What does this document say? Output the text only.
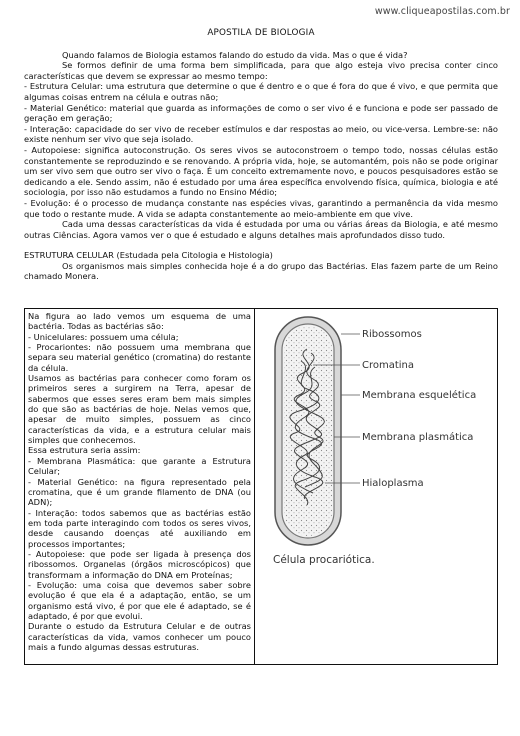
www.cliqueapostilas.com.br
APOSTILA DE BIOLOGIA

Quando falamos de Biologia estamos falando do estudo da vida. Mas o que é vida?

Se formos definir de uma forma bem simplificada, para que algo esteja vivo precisa conter cinco características que devem se expressar ao mesmo tempo:

- Estrutura Celular: uma estrutura que determine o que é dentro e o que é fora do que é vivo, e que permita que algumas coisas entrem na célula e outras não;

- Material Genético: material que guarda as informações de como o ser vivo é e funciona e pode ser passado de geração em geração;

- Interação: capacidade do ser vivo de receber estímulos e dar respostas ao meio, ou vice-versa. Lembre-se: não existe nenhum ser vivo que seja isolado.

- Autopoiese: significa autoconstrução. Os seres vivos se autoconstroem o tempo todo, nossas células estão constantemente se reproduzindo e se renovando. A própria vida, hoje, se automantém, pois não se pode originar um ser vivo sem que outro ser vivo o faça. É um conceito extremamente novo, e poucos pesquisadores estão se dedicando a ele. Sendo assim, não é estudado por uma área específica envolvendo física, química, biologia e até sociologia, por isso não estudamos a fundo no Ensino Médio;

- Evolução: é o processo de mudança constante nas espécies vivas, garantindo a permanência da vida mesmo que todo o restante mude. A vida se adapta constantemente ao meio-ambiente em que vive.

Cada uma dessas características da vida é estudada por uma ou várias áreas da Biologia, e até mesmo outras Ciências. Agora vamos ver o que é estudado e alguns detalhes mais aprofundados disso tudo.

ESTRUTURA CELULAR (Estudada pela Citologia e Histologia)

Os organismos mais simples conhecida hoje é a do grupo das Bactérias. Elas fazem parte de um Reino chamado Monera.

Na figura ao lado vemos um esquema de uma bactéria. Todas as bactérias são:
- Unicelulares: possuem uma célula;
- Procariontes: não possuem uma membrana que separa seu material genético (cromatina) do restante da célula.
Usamos as bactérias para conhecer como foram os primeiros seres a surgirem na Terra, apesar de sabermos que esses seres eram bem mais simples do que são as bactérias de hoje. Nelas vemos que, apesar de muito simples, possuem as cinco características da vida, e a estrutura celular mais simples que conhecemos.
Essa estrutura seria assim:
- Membrana Plasmática: que garante a Estrutura Celular;
- Material Genético: na figura representado pela cromatina, que é um grande filamento de DNA (ou ADN);
- Interação: todos sabemos que as bactérias estão em toda parte interagindo com todos os seres vivos, desde causando doenças até auxiliando em processos importantes;
- Autopoiese: que pode ser ligada à presença dos ribossomos. Organelas (órgãos microscópicos) que transformam a informação do DNA em Proteínas;
- Evolução: uma coisa que devemos saber sobre evolução é que ela é a adaptação, então, se um organismo está vivo, é por que ele é adaptado, se é adaptado, é por que evolui.
Durante o estudo da Estrutura Celular e de outras características da vida, vamos conhecer um pouco mais a fundo algumas dessas estruturas.
Ribossomos
Cromatina
Membrana esquelética
Membrana plasmática
Hialoplasma
Célula procariótica.
